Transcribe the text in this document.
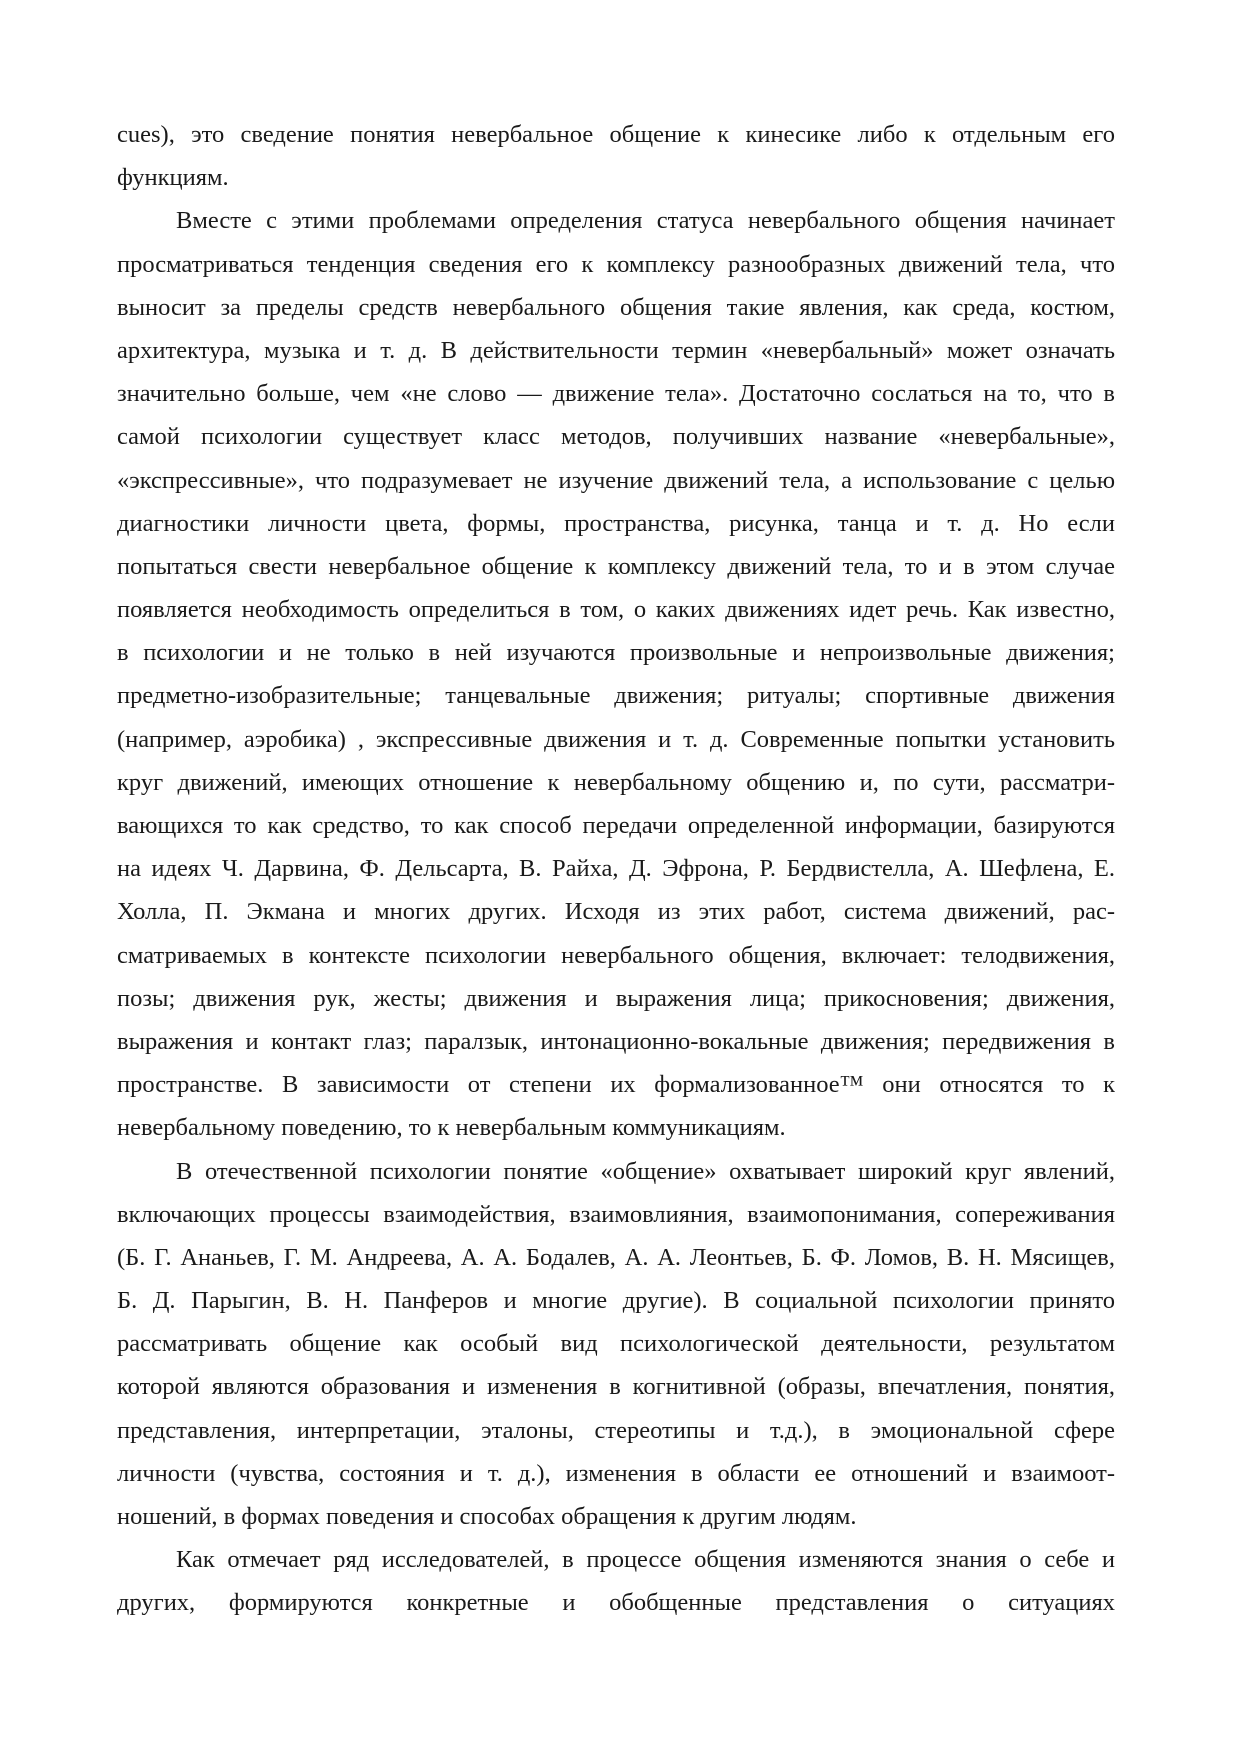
cues), это сведение понятия невербальное общение к кинесике либо к отдельным его
функциям.
Вместе с этими проблемами определения статуса невербального общения начинает
просматриваться тенденция сведения его к комплексу разнообразных движений тела, что
выносит за пределы средств невербального общения такие явления, как среда, костюм,
архитектура, музыка и т. д. В действительности термин «невербальный» может означать
значительно больше, чем «не слово — движение тела». Достаточно сослаться на то, что в
самой психологии существует класс методов, получивших название «невербальные»,
«экспрессивные», что подразумевает не изучение движений тела, а использование с целью
диагностики личности цвета, формы, пространства, рисунка, танца и т. д. Но если
попытаться свести невербальное общение к комплексу движений тела, то и в этом случае
появляется необходимость определиться в том, о каких движениях идет речь. Как известно,
в психологии и не только в ней изучаются произвольные и непроизвольные движения;
предметно-изобразительные; танцевальные движения; ритуалы; спортивные движения
(например, аэробика) , экспрессивные движения и т. д. Современные попытки установить
круг движений, имеющих отношение к невербальному общению и, по сути, рассматри-
вающихся то как средство, то как способ передачи определенной информации, базируются
на идеях Ч. Дарвина, Ф. Дельсарта, В. Райха, Д. Эфрона, Р. Бердвистелла, А. Шефлена, Е.
Холла, П. Экмана и многих других. Исходя из этих работ, система движений, рас-
сматриваемых в контексте психологии невербального общения, включает: телодвижения,
позы; движения рук, жесты; движения и выражения лица; прикосновения; движения,
выражения и контакт глаз; паралзык, интонационно-вокальные движения; передвижения в
пространстве. В зависимости от степени их формализованное™ они относятся то к
невербальному поведению, то к невербальным коммуникациям.
В отечественной психологии понятие «общение» охватывает широкий круг явлений,
включающих процессы взаимодействия, взаимовлияния, взаимопонимания, сопереживания
(Б. Г. Ананьев, Г. М. Андреева, А. А. Бодалев, А. А. Леонтьев, Б. Ф. Ломов, В. Н. Мясищев,
Б. Д. Парыгин, В. Н. Панферов и многие другие). В социальной психологии принято
рассматривать общение как особый вид психологической деятельности, результатом
которой являются образования и изменения в когнитивной (образы, впечатления, понятия,
представления, интерпретации, эталоны, стереотипы и т.д.), в эмоциональной сфере
личности (чувства, состояния и т. д.), изменения в области ее отношений и взаимоот-
ношений, в формах поведения и способах обращения к другим людям.
Как отмечает ряд исследователей, в процессе общения изменяются знания о себе и
других, формируются конкретные и обобщенные представления о ситуациях
